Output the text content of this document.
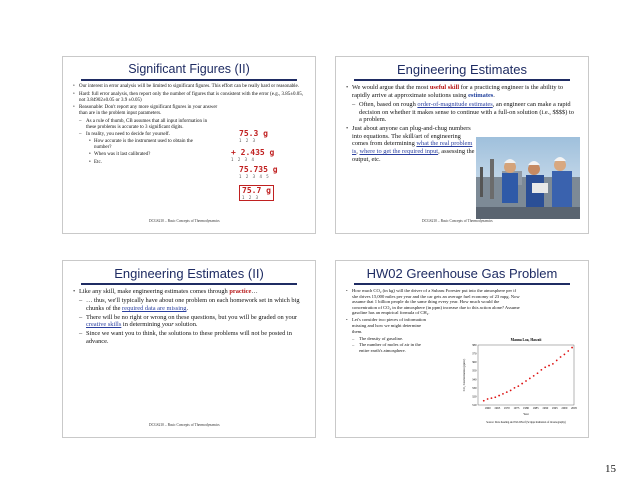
Significant Figures (II)
• Our interest in error analysis will be limited to significant figures. This effort can be really hard or reasonable.
• Hard: full error analysis, then report only the number of figures that is consistent with the error (e.g., 3.85±0.05, not 3.84902±0.05 or 3.9 ±0.05)
• Reasonable: Don't report any more significant figures in your answer than are in the problem input parameters.
– As a rule of thumb, CB assumes that all input information in these problems is accurate to 3 significant digits.
– In reality, you need to decide for yourself.
• How accurate is the instrument used to obtain the number?
• When was it last calibrated?
• Etc.
75.3 g
1 2 3
+ 2.435 g
1 2 3 4
75.735 g
1 2 3 4 5
75.7 g
1 2 3
DCGS210 – Basic Concepts of Thermodynamics
Engineering Estimates
• We would argue that the most useful skill for a practicing engineer is the ability to rapidly arrive at approximate solutions using estimates.
– Often, based on rough order-of-magnitude estimates, an engineer can make a rapid decision on whether it makes sense to continue with a full-on solution (i.e., $$$$) to a problem.
• Just about anyone can plug-and-chug numbers into equations. The skill/art of engineering comes from determining what the real problem is, where to get the required input, assessing the output, etc.
DCGS210 – Basic Concepts of Thermodynamics
Engineering Estimates (II)
• Like any skill, make engineering estimates comes through practice…
– … thus, we'll typically have about one problem on each homework set in which big chunks of the required data are missing.
– There will be no right or wrong on these questions, but you will be graded on your creative skills in determining your solution.
– Since we want you to think, the solutions to these problems will not be posted in advance.
DCGS210 – Basic Concepts of Thermodynamics
HW02 Greenhouse Gas Problem
• How much CO₂ (in kg) will the driver of a Subaru Forester put into the atmosphere per if she drives 15,000 miles per year and the car gets an average fuel economy of 23 mpg. Now assume that 1 billion people do the same thing every year. How much would the concentration of CO₂ in the atmosphere (in ppm) increase due to this action alone? Assume gasoline has an empirical formula of CH₂.
• Let's consider two pieces of information missing and how we might determine them.
– The density of gasoline.
– The number of moles of air in the entire earth's atmosphere.
Mauna Loa, Hawaii
310
320
330
340
350
360
370
380
1960 1965 1970 1975 1980 1985 1990 1995 2000 2005
Year
CO₂ Concentration (ppmv)
Source: Dave Keeling and Tim Whorf (Scripps Institution of Oceanography)
15
